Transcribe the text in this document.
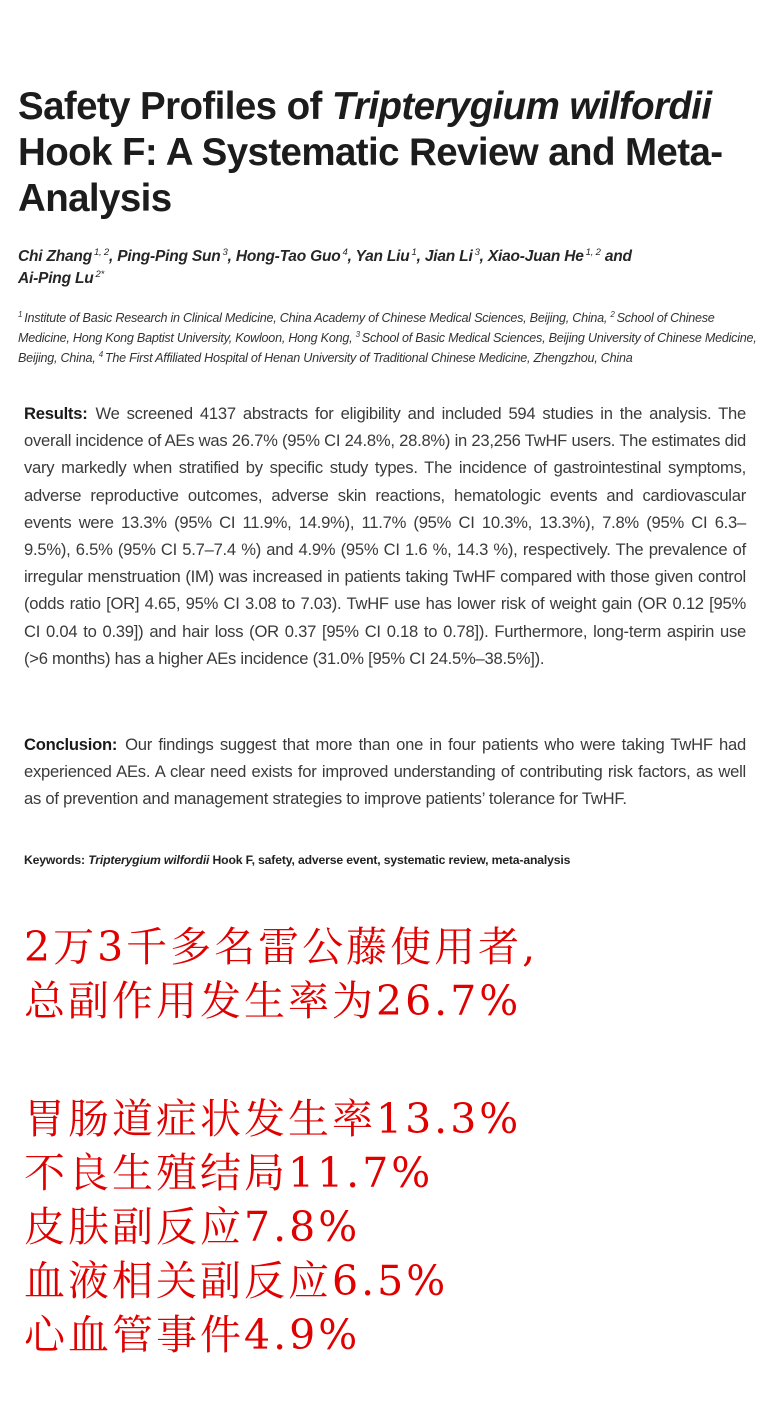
Safety Profiles of Tripterygium wilfordii Hook F: A Systematic Review and Meta-Analysis
Chi Zhang $^{1, 2}$, Ping-Ping Sun $^3$, Hong-Tao Guo $^4$, Yan Liu $^1$, Jian Li $^3$, Xiao-Juan He $^{1, 2}$ and
Ai-Ping Lu $^{2*}$
$^1$ Institute of Basic Research in Clinical Medicine, China Academy of Chinese Medical Sciences, Beijing, China, $^2$ School of Chinese Medicine, Hong Kong Baptist University, Kowloon, Hong Kong, $^3$ School of Basic Medical Sciences, Beijing University of Chinese Medicine, Beijing, China, $^4$ The First Affiliated Hospital of Henan University of Traditional Chinese Medicine, Zhengzhou, China
Results: We screened 4137 abstracts for eligibility and included 594 studies in the analysis. The overall incidence of AEs was 26.7% (95% CI 24.8%, 28.8%) in 23,256 TwHF users. The estimates did vary markedly when stratified by specific study types. The incidence of gastrointestinal symptoms, adverse reproductive outcomes, adverse skin reactions, hematologic events and cardiovascular events were 13.3% (95% CI 11.9%, 14.9%), 11.7% (95% CI 10.3%, 13.3%), 7.8% (95% CI 6.3–9.5%), 6.5% (95% CI 5.7–7.4 %) and 4.9% (95% CI 1.6 %, 14.3 %), respectively. The prevalence of irregular menstruation (IM) was increased in patients taking TwHF compared with those given control (odds ratio [OR] 4.65, 95% CI 3.08 to 7.03). TwHF use has lower risk of weight gain (OR 0.12 [95% CI 0.04 to 0.39]) and hair loss (OR 0.37 [95% CI 0.18 to 0.78]). Furthermore, long-term aspirin use (>6 months) has a higher AEs incidence (31.0% [95% CI 24.5%–38.5%]).
Conclusion: Our findings suggest that more than one in four patients who were taking TwHF had experienced AEs. A clear need exists for improved understanding of contributing risk factors, as well as of prevention and management strategies to improve patients’ tolerance for TwHF.
Keywords: Tripterygium wilfordii Hook F, safety, adverse event, systematic review, meta-analysis
2万3千多名雷公藤使用者,
总副作用发生率为26.7%
胃肠道症状发生率13.3%
不良生殖结局11.7%
皮肤副反应7.8%
血液相关副反应6.5%
心血管事件4.9%
